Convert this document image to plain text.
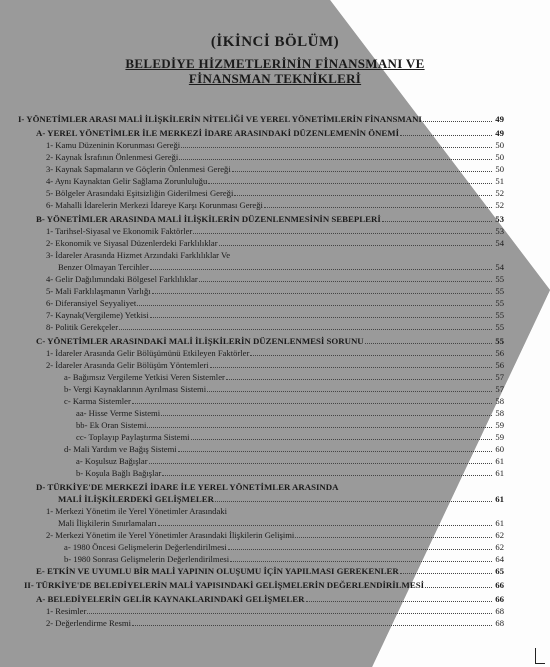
(İKİNCİ BÖLÜM)
BELEDİYE HİZMETLERİNİN FİNANSMANI VE
FİNANSMAN TEKNİKLERİ
I- YÖNETİMLER ARASI MALİ İLİŞKİLERİN NİTELİĞİ VE YEREL YÖNETİMLERİN FİNANSMANI	49
A- YEREL YÖNETİMLER İLE MERKEZİ İDARE ARASINDAKİ DÜZENLEMENİN ÖNEMİ	49
1- Kamu Düzeninin Korunması Gereği	50
2- Kaynak İsrafının Önlenmesi Gereği	50
3- Kaynak Sapmaların ve Göçlerin Önlenmesi Gereği	50
4- Aynı Kaynaktan Gelir Sağlama Zorunluluğu	51
5- Bölgeler Arasındaki Eşitsizliğin Giderilmesi Gereği	52
6- Mahalli İdarelerin Merkezi İdareye Karşı Korunması Gereği	52
B- YÖNETİMLER ARASINDA MALİ İLİŞKİLERİN DÜZENLENMESİNİN SEBEPLERİ	53
1- Tarihsel-Siyasal ve Ekonomik Faktörler	53
2- Ekonomik ve Siyasal Düzenlerdeki Farklılıklar	54
3- İdareler Arasında Hizmet Arzındaki Farklılıklar Ve
Benzer Olmayan Tercihler	54
4- Gelir Dağılımındaki Bölgesel Farklılıklar	55
5- Mali Farklılaşmanın Varlığı	55
6- Diferansiyel Seyyaliyet	55
7- Kaynak(Vergileme) Yetkisi	55
8- Politik Gerekçeler	55
C- YÖNETİMLER ARASINDAKİ MALİ İLİŞKİLERİN DÜZENLENMESİ SORUNU	55
1- İdareler Arasında Gelir Bölüşümünü Etkileyen Faktörler	56
2- İdareler Arasında Gelir Bölüşüm Yöntemleri	56
a- Bağımsız Vergileme Yetkisi Veren Sistemler	57
b- Vergi Kaynaklarının Ayrılması Sistemi	57
c- Karma Sistemler	58
aa- Hisse Verme Sistemi	58
bb- Ek Oran Sistemi	59
cc- Toplayıp Paylaştırma Sistemi	59
d- Mali Yardım ve Bağış Sistemi	60
a- Koşulsuz Bağışlar	61
b- Koşula Bağlı Bağışlar	61
D- TÜRKİYE'DE MERKEZİ İDARE İLE YEREL YÖNETİMLER ARASINDA
MALİ İLİŞKİLERDEKİ GELİŞMELER	61
1- Merkezi Yönetim ile Yerel Yönetimler Arasındaki
Mali İlişkilerin Sınırlamaları	61
2- Merkezi Yönetim ile Yerel Yönetimler Arasındaki İlişkilerin Gelişimi	62
a- 1980 Öncesi Gelişmelerin Değerlendirilmesi	62
b- 1980 Sonrası Gelişmelerin Değerlendirilmesi	64
E- ETKİN VE UYUMLU BİR MALİ YAPININ OLUŞUMU İÇİN YAPILMASI GEREKENLER	65
II- TÜRKİYE'DE BELEDİYELERİN MALİ YAPISINDAKİ GELİŞMELERİN DEĞERLENDİRİLMESİ	66
A- BELEDİYELERİN GELİR KAYNAKLARINDAKİ GELİŞMELER	66
1- Resimler	68
2- Değerlendirme Resmi	68
